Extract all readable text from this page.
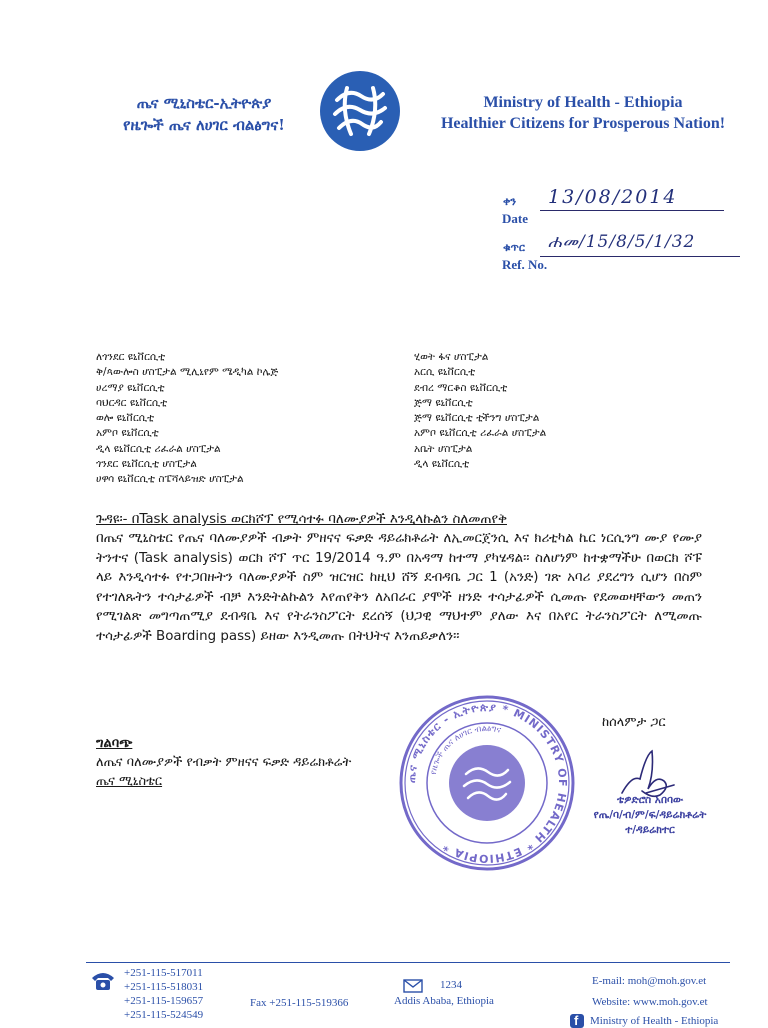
ጤና ሚኒስቴር-ኢትዮጵያ
የዜጐች ጤና ለሀገር ብልፅግና!
Ministry of Health - Ethiopia
Healthier Citizens for Prosperous Nation!
ቀን
Date
13/08/2014
ቁጥር
Ref. No.
ሐመ/15/8/5/1/32
ለጎንደር ዩኒቨርሲቲ
ቅ/ጳውሎስ ሆስፒታል ሚሊኒየም ሜዲካል ኮሌጅ
ሀረማያ ዩኒቨርሲቲ
ባህርዳር ዩኒቨርሲቲ
ወሎ ዩኒቨርሲቲ
አምቦ ዩኒቨርሲቲ
ዲላ ዩኒቨርሲቲ ሪፈራል ሆስፒታል
ጎንደር ዩኒቨርሲቲ ሆስፒታል
ሀዋሳ ዩኒቨርሲቲ ስፔሻላይዝድ ሆስፒታል
ሂወት ፋና ሆስፒታል
አርሲ ዩኒቨርሲቲ
ደብረ ማርቆስ ዩኒቨርሲቲ
ጅማ ዩኒቨርሲቲ
ጅማ ዩኒቨርሲቲ ቲችንግ ሆስፒታል
አምቦ ዩኒቨርሲቲ ሪፈራል ሆስፒታል
አቤት ሆስፒታል
ዲላ ዩኒቨርሲቲ
ጉዳዩ፡- በTask analysis ወርክሾፕ የሚሳተፉ ባለሙያዎች እንዲላኩልን ስለመጠየቅ
በጤና ሚኒስቴር የጤና ባለሙያዎች ብቃት ምዘናና ፍቃድ ዳይሬክቶሬት ለኢመርጀንሲ እና ክሪቲካል ኬር ነርሲንግ ሙያ የሙያ ትንተና (Task analysis) ወርክ ሾፕ ጥር 19/2014 ዓ.ም በአዳማ ከተማ ያካሄዳል፡፡ ስለሆነም ከተቋማችሁ በወርክ ሾፑ ላይ እንዲሳተፉ የተጋበዙትን ባለሙያዎች ስም ዝርዝር ከዚህ ሸኝ ደብዳቤ ጋር 1 (አንድ) ገጽ አባሪ ያደረግን ሲሆን በስም የተገለጹትን ተሳታፊዎች ብቻ እንድትልኩልን እየጠየቅን ለአበራር ያሞች ዘንድ ተሳታፊዎች ሲመጡ የደመወዛቸውን መጠን የሚገልጽ መግጣጠሚያ ደብዳቤ እና የትራንስፖርት ደረሰኝ (ህጋዊ ማህተም ያለው እና በአየር ትራንስፖርት ለሚመጡ ተሳታፊዎች Boarding pass) ይዘው እንዲመጡ በትህትና እንጠይቃለን፡፡
ከሰላምታ ጋር
ግልባጭ
ለጤና ባለሙያዎች የብቃት ምዘናና ፍቃድ ዳይሬክቶሬት
ጤና ሚኒስቴር	ጤና ሚኒስቴር - ኢትዮጵያ * MINISTRY OF HEALTH * ETHIOPIA *
የዜጐች ጤና ለሀገር ብልፅግና
ቴዎድሮስ አበባው
የጤ/ባ/ብ/ም/ፍ/ዳይሬክቶሬት
ተ/ዳይሬክተር
+251-115-517011
+251-115-518031
+251-115-159657
+251-115-524549
Fax +251-115-519366
1234
Addis Ababa, Ethiopia
E-mail: moh@moh.gov.et
Website: www.moh.gov.et
f Ministry of Health - Ethiopia
